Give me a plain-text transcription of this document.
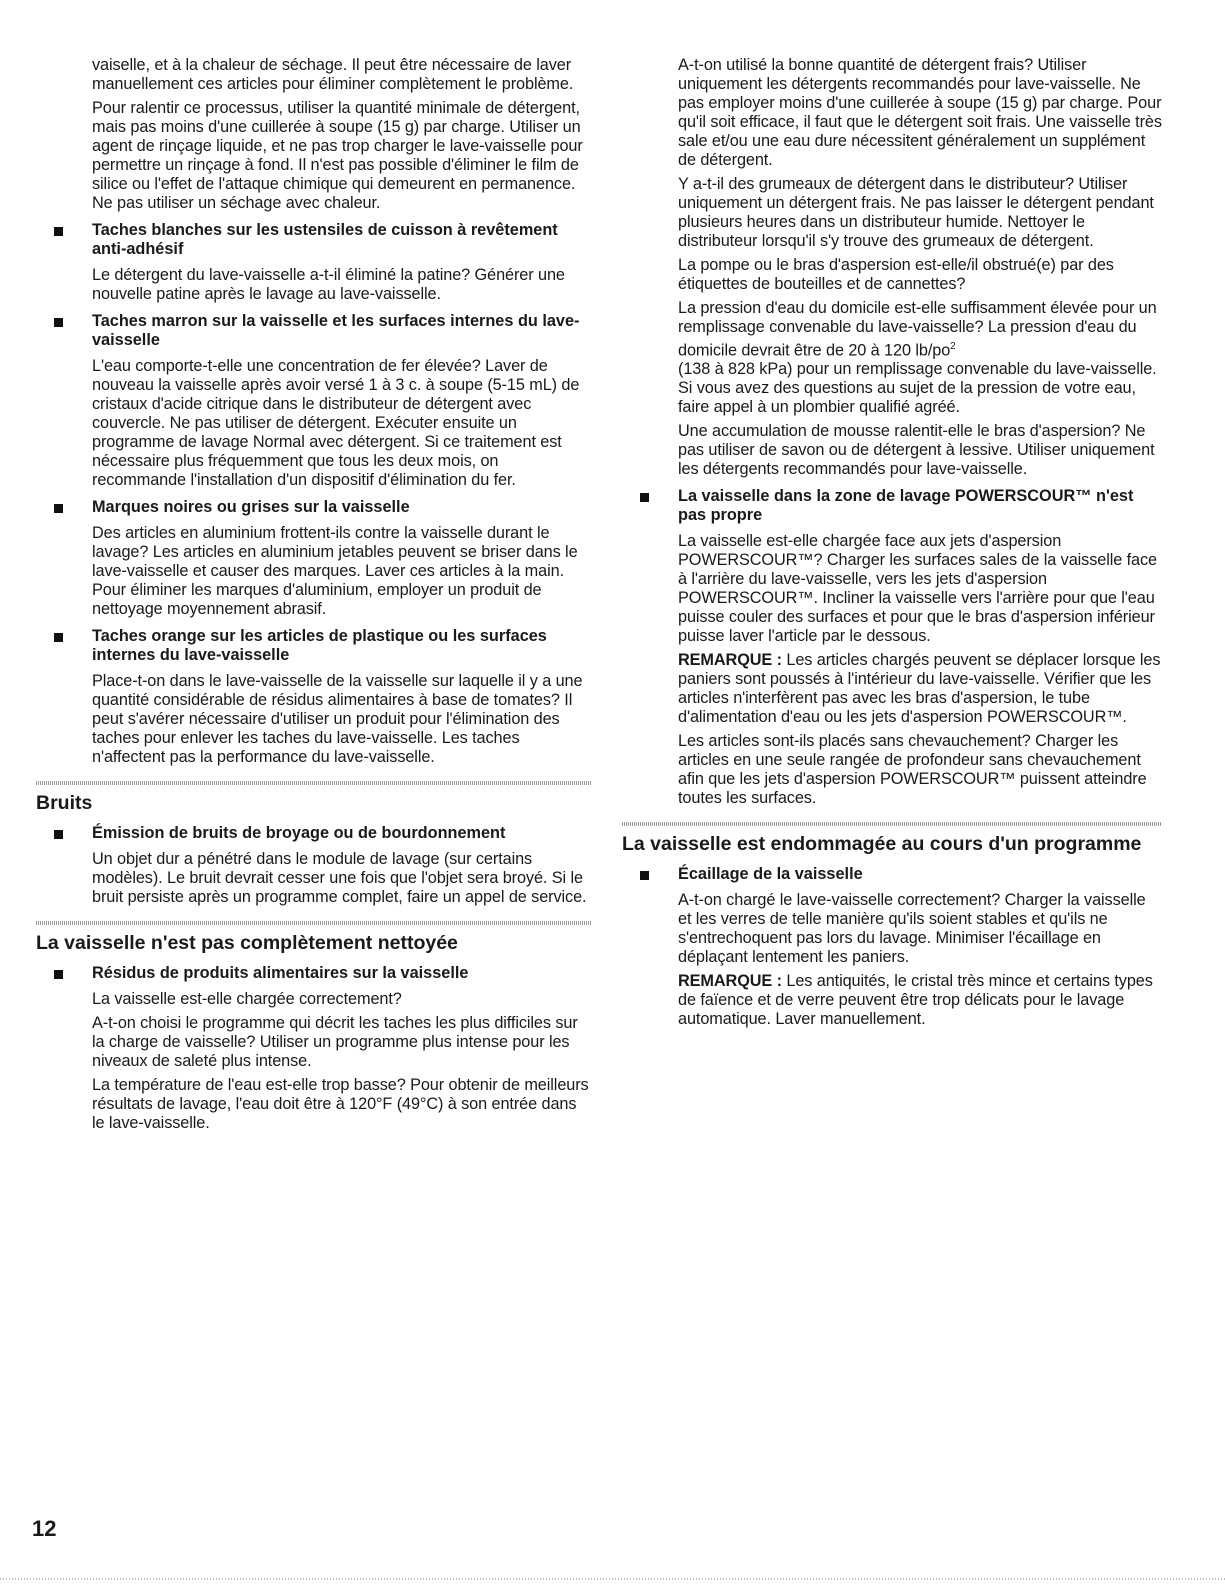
vaiselle, et à la chaleur de séchage. Il peut être nécessaire de laver manuellement ces articles pour éliminer complètement le problème.

Pour ralentir ce processus, utiliser la quantité minimale de détergent, mais pas moins d'une cuillerée à soupe (15 g) par charge. Utiliser un agent de rinçage liquide, et ne pas trop charger le lave-vaisselle pour permettre un rinçage à fond. Il n'est pas possible d'éliminer le film de silice ou l'effet de l'attaque chimique qui demeurent en permanence. Ne pas utiliser un séchage avec chaleur.

Taches blanches sur les ustensiles de cuisson à revêtement anti-adhésif

Le détergent du lave-vaisselle a-t-il éliminé la patine? Générer une nouvelle patine après le lavage au lave-vaisselle.

Taches marron sur la vaisselle et les surfaces internes du lave-vaisselle

L'eau comporte-t-elle une concentration de fer élevée? Laver de nouveau la vaisselle après avoir versé 1 à 3 c. à soupe (5-15 mL) de cristaux d'acide citrique dans le distributeur de détergent avec couvercle. Ne pas utiliser de détergent. Exécuter ensuite un programme de lavage Normal avec détergent. Si ce traitement est nécessaire plus fréquemment que tous les deux mois, on recommande l'installation d'un dispositif d'élimination du fer.

Marques noires ou grises sur la vaisselle

Des articles en aluminium frottent-ils contre la vaisselle durant le lavage? Les articles en aluminium jetables peuvent se briser dans le lave-vaisselle et causer des marques. Laver ces articles à la main. Pour éliminer les marques d'aluminium, employer un produit de nettoyage moyennement abrasif.

Taches orange sur les articles de plastique ou les surfaces internes du lave-vaisselle

Place-t-on dans le lave-vaisselle de la vaisselle sur laquelle il y a une quantité considérable de résidus alimentaires à base de tomates? Il peut s'avérer nécessaire d'utiliser un produit pour l'élimination des taches pour enlever les taches du lave-vaisselle. Les taches n'affectent pas la performance du lave-vaisselle.

Bruits
Émission de bruits de broyage ou de bourdonnement

Un objet dur a pénétré dans le module de lavage (sur certains modèles). Le bruit devrait cesser une fois que l'objet sera broyé. Si le bruit persiste après un programme complet, faire un appel de service.

La vaisselle n'est pas complètement nettoyée
Résidus de produits alimentaires sur la vaisselle

La vaisselle est-elle chargée correctement?

A-t-on choisi le programme qui décrit les taches les plus difficiles sur la charge de vaisselle? Utiliser un programme plus intense pour les niveaux de saleté plus intense.

La température de l'eau est-elle trop basse? Pour obtenir de meilleurs résultats de lavage, l'eau doit être à 120°F (49°C) à son entrée dans le lave-vaisselle.

A-t-on utilisé la bonne quantité de détergent frais? Utiliser uniquement les détergents recommandés pour lave-vaisselle. Ne pas employer moins d'une cuillerée à soupe (15 g) par charge. Pour qu'il soit efficace, il faut que le détergent soit frais. Une vaisselle très sale et/ou une eau dure nécessitent généralement un supplément de détergent.

Y a-t-il des grumeaux de détergent dans le distributeur? Utiliser uniquement un détergent frais. Ne pas laisser le détergent pendant plusieurs heures dans un distributeur humide. Nettoyer le distributeur lorsqu'il s'y trouve des grumeaux de détergent.

La pompe ou le bras d'aspersion est-elle/il obstrué(e) par des étiquettes de bouteilles et de cannettes?

La pression d'eau du domicile est-elle suffisamment élevée pour un remplissage convenable du lave-vaisselle? La pression d'eau du domicile devrait être de 20 à 120 $lb/po^2$
(138 à 828 kPa) pour un remplissage convenable du lave-vaisselle. Si vous avez des questions au sujet de la pression de votre eau, faire appel à un plombier qualifié agréé.

Une accumulation de mousse ralentit-elle le bras d'aspersion? Ne pas utiliser de savon ou de détergent à lessive. Utiliser uniquement les détergents recommandés pour lave-vaisselle.

La vaisselle dans la zone de lavage POWERSCOUR™ n'est pas propre

La vaisselle est-elle chargée face aux jets d'aspersion POWERSCOUR™? Charger les surfaces sales de la vaisselle face à l'arrière du lave-vaisselle, vers les jets d'aspersion POWERSCOUR™. Incliner la vaisselle vers l'arrière pour que l'eau puisse couler des surfaces et pour que le bras d'aspersion inférieur puisse laver l'article par le dessous.

REMARQUE : Les articles chargés peuvent se déplacer lorsque les paniers sont poussés à l'intérieur du lave-vaisselle. Vérifier que les articles n'interfèrent pas avec les bras d'aspersion, le tube d'alimentation d'eau ou les jets d'aspersion POWERSCOUR™.

Les articles sont-ils placés sans chevauchement? Charger les articles en une seule rangée de profondeur sans chevauchement afin que les jets d'aspersion POWERSCOUR™ puissent atteindre toutes les surfaces.

La vaisselle est endommagée au cours d'un programme
Écaillage de la vaisselle

A-t-on chargé le lave-vaisselle correctement? Charger la vaisselle et les verres de telle manière qu'ils soient stables et qu'ils ne s'entrechoquent pas lors du lavage. Minimiser l'écaillage en déplaçant lentement les paniers.

REMARQUE : Les antiquités, le cristal très mince et certains types de faïence et de verre peuvent être trop délicats pour le lavage automatique. Laver manuellement.

12
